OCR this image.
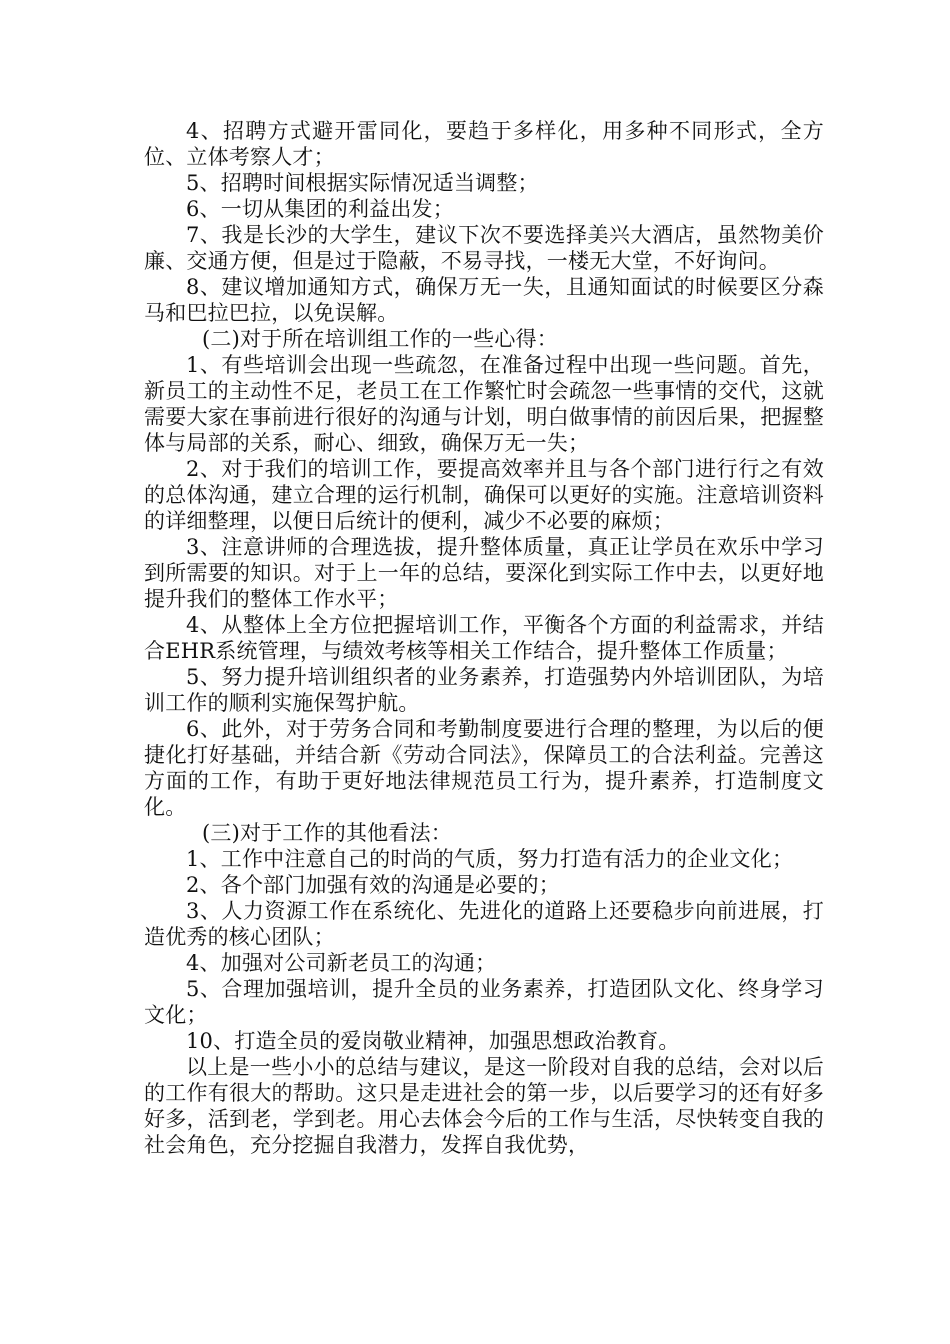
4、招聘方式避开雷同化，要趋于多样化，用多种不同形式，全方位、立体考察人才；

5、招聘时间根据实际情况适当调整；

6、一切从集团的利益出发；

7、我是长沙的大学生，建议下次不要选择美兴大酒店，虽然物美价廉、交通方便，但是过于隐蔽，不易寻找，一楼无大堂，不好询问。

8、建议增加通知方式，确保万无一失，且通知面试的时候要区分森马和巴拉巴拉，以免误解。

(二)对于所在培训组工作的一些心得：

1、有些培训会出现一些疏忽，在准备过程中出现一些问题。首先，新员工的主动性不足，老员工在工作繁忙时会疏忽一些事情的交代，这就需要大家在事前进行很好的沟通与计划，明白做事情的前因后果，把握整体与局部的关系，耐心、细致，确保万无一失；

2、对于我们的培训工作，要提高效率并且与各个部门进行行之有效的总体沟通，建立合理的运行机制，确保可以更好的实施。注意培训资料的详细整理，以便日后统计的便利，减少不必要的麻烦；

3、注意讲师的合理选拔，提升整体质量，真正让学员在欢乐中学习到所需要的知识。对于上一年的总结，要深化到实际工作中去，以更好地提升我们的整体工作水平；

4、从整体上全方位把握培训工作，平衡各个方面的利益需求，并结合EHR系统管理，与绩效考核等相关工作结合，提升整体工作质量；

5、努力提升培训组织者的业务素养，打造强势内外培训团队，为培训工作的顺利实施保驾护航。

6、此外，对于劳务合同和考勤制度要进行合理的整理，为以后的便捷化打好基础，并结合新《劳动合同法》，保障员工的合法利益。完善这方面的工作，有助于更好地法律规范员工行为，提升素养，打造制度文化。

(三)对于工作的其他看法：

1、工作中注意自己的时尚的气质，努力打造有活力的企业文化；

2、各个部门加强有效的沟通是必要的；

3、人力资源工作在系统化、先进化的道路上还要稳步向前进展，打造优秀的核心团队；

4、加强对公司新老员工的沟通；

5、合理加强培训，提升全员的业务素养，打造团队文化、终身学习文化；

10、打造全员的爱岗敬业精神，加强思想政治教育。

以上是一些小小的总结与建议，是这一阶段对自我的总结，会对以后的工作有很大的帮助。这只是走进社会的第一步，以后要学习的还有好多好多，活到老，学到老。用心去体会今后的工作与生活，尽快转变自我的社会角色，充分挖掘自我潜力，发挥自我优势，
